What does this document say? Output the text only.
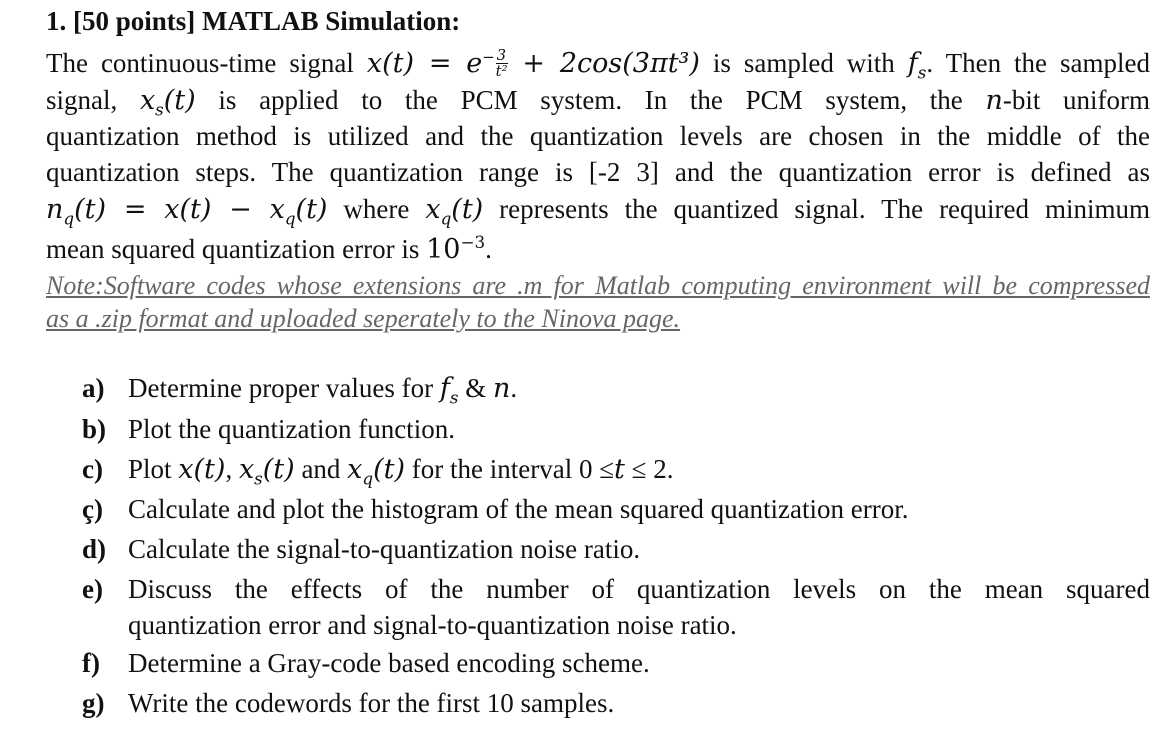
1. [50 points] MATLAB Simulation:
The continuous-time signal $x(t) = e^- \frac{3}{\text{t²}} + 2\cos(3\pi t^3)$ is sampled with $f_s$. Then the sampled
signal, $x_s(t)$ is applied to the PCM system. In the PCM system, the n-bit uniform
quantization method is utilized and the quantization levels are chosen in the middle of the
quantization steps. The quantization range is [-2 3] and the quantization error is defined as
$n_q(t) = x(t) - x_q(t)$ where $x_q(t)$ represents the quantized signal. The required minimum
mean squared quantization error is $10^{-3}$.
Note:Software codes whose extensions are .m for Matlab computing environment will be compressed
as a .zip format and uploaded seperately to the Ninova page.
a) Determine proper values for $f_s$ & n.
b) Plot the quantization function.
c) Plot x(t), $x_s(t)$ and $x_q(t)$ for the interval 0 ≤t ≤ 2.
ç) Calculate and plot the histogram of the mean squared quantization error.
d) Calculate the signal-to-quantization noise ratio.
e) Discuss the effects of the number of quantization levels on the mean squared
quantization error and signal-to-quantization noise ratio.
f) Determine a Gray-code based encoding scheme.
g) Write the codewords for the first 10 samples.
